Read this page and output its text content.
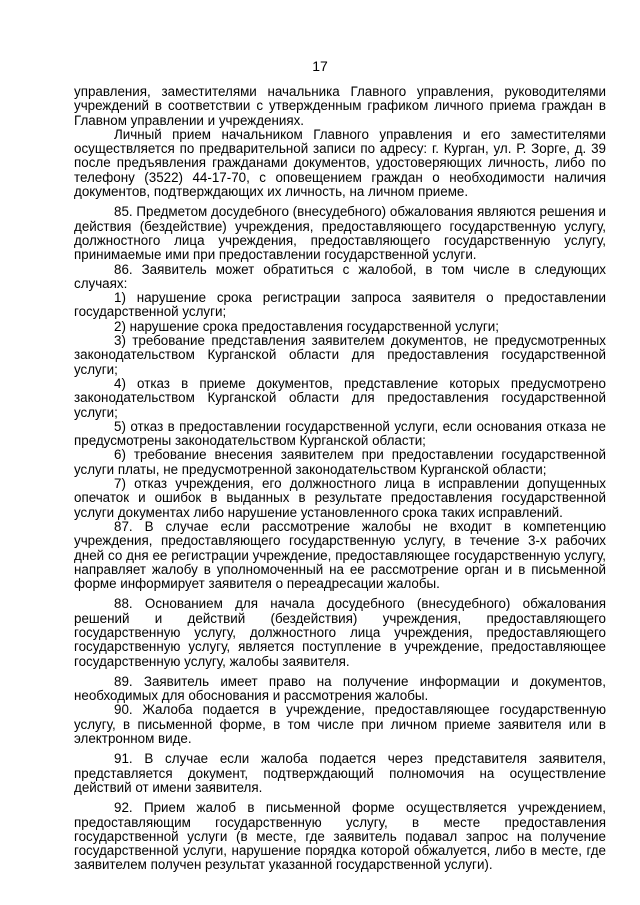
17

управления, заместителями начальника Главного управления, руководителями учреждений в соответствии с утвержденным графиком личного приема граждан в Главном управлении и учреждениях.

Личный прием начальником Главного управления и его заместителями осуществляется по предварительной записи по адресу: г. Курган, ул. Р. Зорге, д. 39 после предъявления гражданами документов, удостоверяющих личность, либо по телефону (3522) 44-17-70, с оповещением граждан о необходимости наличия документов, подтверждающих их личность, на личном приеме.

85. Предметом досудебного (внесудебного) обжалования являются решения и действия (бездействие) учреждения, предоставляющего государственную услугу, должностного лица учреждения, предоставляющего государственную услугу, принимаемые ими при предоставлении государственной услуги.

86. Заявитель может обратиться с жалобой, в том числе в следующих случаях:

1) нарушение срока регистрации запроса заявителя о предоставлении государственной услуги;

2) нарушение срока предоставления государственной услуги;

3) требование представления заявителем документов, не предусмотренных законодательством Курганской области для предоставления государственной услуги;

4) отказ в приеме документов, представление которых предусмотрено законодательством Курганской области для предоставления государственной услуги;

5) отказ в предоставлении государственной услуги, если основания отказа не предусмотрены законодательством Курганской области;

6) требование внесения заявителем при предоставлении государственной услуги платы, не предусмотренной законодательством Курганской области;

7) отказ учреждения, его должностного лица в исправлении допущенных опечаток и ошибок в выданных в результате предоставления государственной услуги документах либо нарушение установленного срока таких исправлений.

87. В случае если рассмотрение жалобы не входит в компетенцию учреждения, предоставляющего государственную услугу, в течение 3-х рабочих дней со дня ее регистрации учреждение, предоставляющее государственную услугу, направляет жалобу в уполномоченный на ее рассмотрение орган и в письменной форме информирует заявителя о переадресации жалобы.

88. Основанием для начала досудебного (внесудебного) обжалования решений и действий (бездействия) учреждения, предоставляющего государственную услугу, должностного лица учреждения, предоставляющего государственную услугу, является поступление в учреждение, предоставляющее государственную услугу, жалобы заявителя.

89. Заявитель имеет право на получение информации и документов, необходимых для обоснования и рассмотрения жалобы.

90. Жалоба подается в учреждение, предоставляющее государственную услугу, в письменной форме, в том числе при личном приеме заявителя или в электронном виде.

91. В случае если жалоба подается через представителя заявителя, представляется документ, подтверждающий полномочия на осуществление действий от имени заявителя.

92. Прием жалоб в письменной форме осуществляется учреждением, предоставляющим государственную услугу, в месте предоставления государственной услуги (в месте, где заявитель подавал запрос на получение государственной услуги, нарушение порядка которой обжалуется, либо в месте, где заявителем получен результат указанной государственной услуги).
